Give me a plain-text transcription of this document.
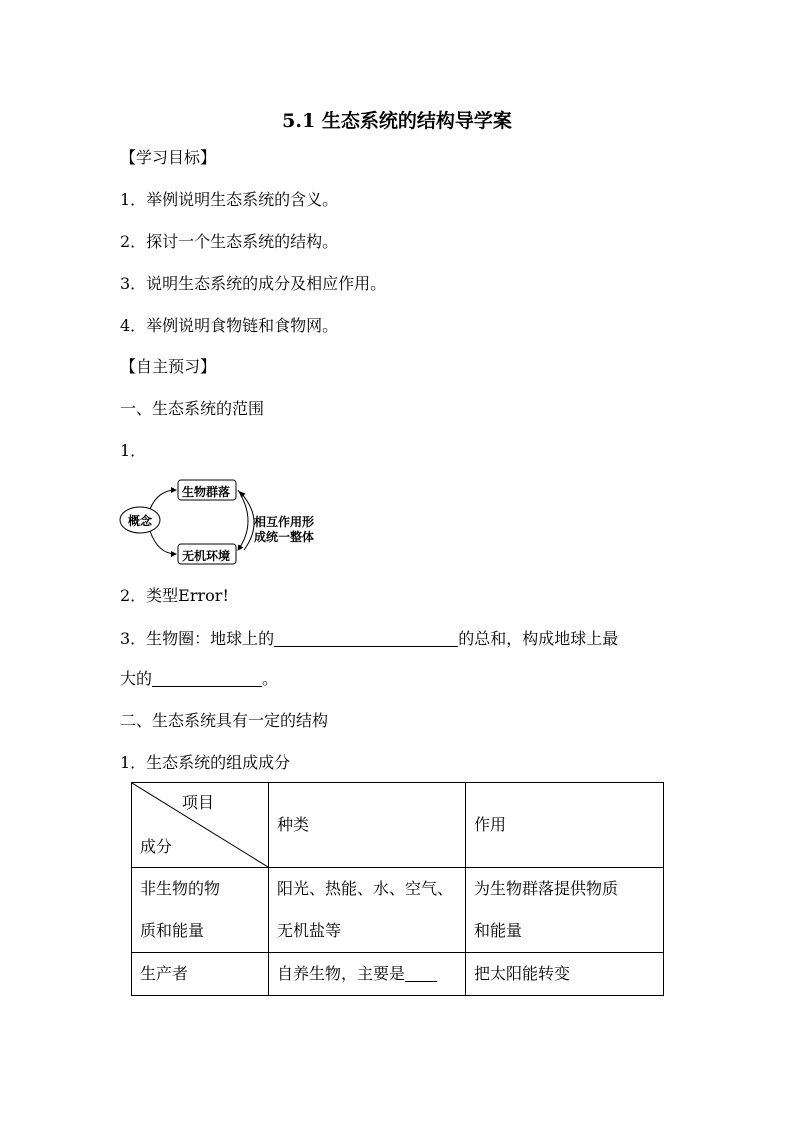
5.1 生态系统的结构导学案
【学习目标】
1．举例说明生态系统的含义。
2．探讨一个生态系统的结构。
3．说明生态系统的成分及相应作用。
4．举例说明食物链和食物网。
【自主预习】
一、生态系统的范围
1．
概念
生物群落
无机环境
相互作用形
成统一整体
2．类型Error!
3．生物圈：地球上的	的总和，构成地球上最
大的	。
二、生态系统具有一定的结构
1．生态系统的组成成分
项目
成分	种类	作用
非生物的物
质和能量	阳光、热能、水、空气、
无机盐等	为生物群落提供物质
和能量
生产者	自养生物，主要是	把太阳能转变
